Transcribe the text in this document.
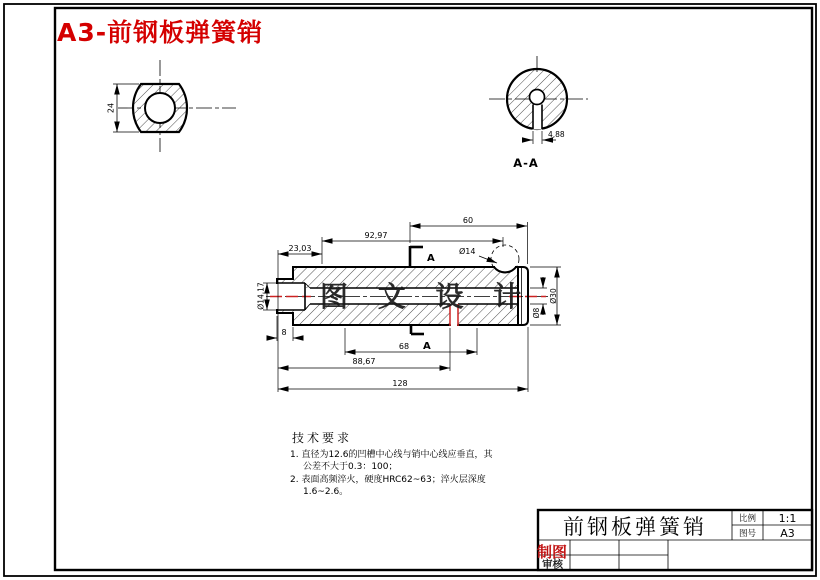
A3-前钢板弹簧销
24
4,88
A-A
A
A
60
92,97
23,03	Ø14
Ø14,17
8
68
88,67
128
Ø30
Ø8
图 文 设 计
技术要求
1. 直径为12.6的凹槽中心线与销中心线应垂直，其
公差不大于0.3：100；
2. 表面高频淬火，硬度HRC62~63；淬火层深度
1.6~2.6。
前钢板弹簧销	比例 1:1
图号 A3
制图
审核
